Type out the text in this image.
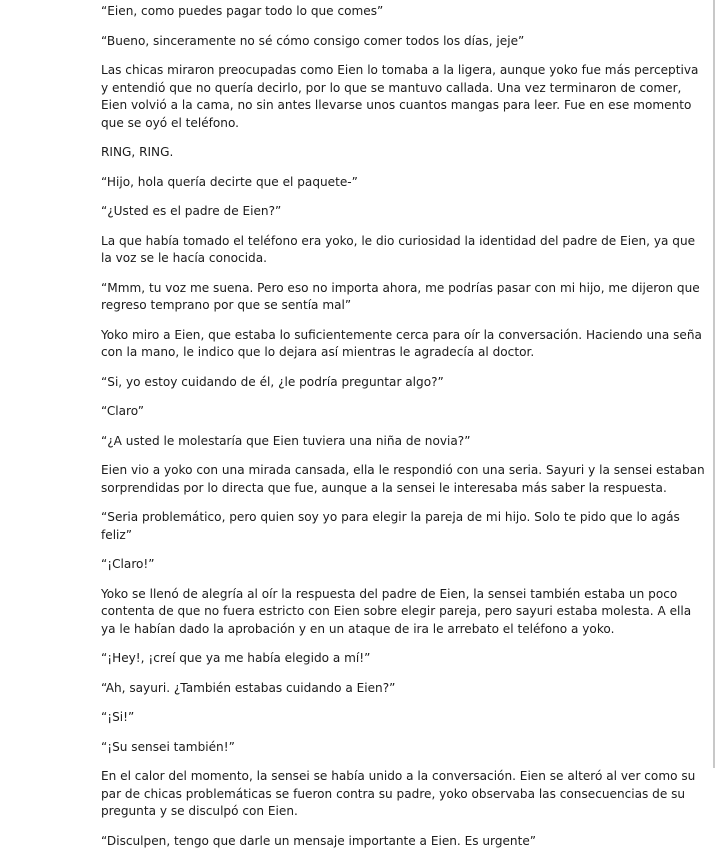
“Eien, como puedes pagar todo lo que comes”

“Bueno, sinceramente no sé cómo consigo comer todos los días, jeje”

Las chicas miraron preocupadas como Eien lo tomaba a la ligera, aunque yoko fue más perceptiva
y entendió que no quería decirlo, por lo que se mantuvo callada. Una vez terminaron de comer,
Eien volvió a la cama, no sin antes llevarse unos cuantos mangas para leer. Fue en ese momento
que se oyó el teléfono.

RING, RING.

“Hijo, hola quería decirte que el paquete-”

“¿Usted es el padre de Eien?”

La que había tomado el teléfono era yoko, le dio curiosidad la identidad del padre de Eien, ya que
la voz se le hacía conocida.

“Mmm, tu voz me suena. Pero eso no importa ahora, me podrías pasar con mi hijo, me dijeron que
regreso temprano por que se sentía mal”

Yoko miro a Eien, que estaba lo suficientemente cerca para oír la conversación. Haciendo una seña
con la mano, le indico que lo dejara así mientras le agradecía al doctor.

“Si, yo estoy cuidando de él, ¿le podría preguntar algo?”

“Claro”

“¿A usted le molestaría que Eien tuviera una niña de novia?”

Eien vio a yoko con una mirada cansada, ella le respondió con una seria. Sayuri y la sensei estaban
sorprendidas por lo directa que fue, aunque a la sensei le interesaba más saber la respuesta.

“Seria problemático, pero quien soy yo para elegir la pareja de mi hijo. Solo te pido que lo agás
feliz”

“¡Claro!”

Yoko se llenó de alegría al oír la respuesta del padre de Eien, la sensei también estaba un poco
contenta de que no fuera estricto con Eien sobre elegir pareja, pero sayuri estaba molesta. A ella
ya le habían dado la aprobación y en un ataque de ira le arrebato el teléfono a yoko.

“¡Hey!, ¡creí que ya me había elegido a mí!”

“Ah, sayuri. ¿También estabas cuidando a Eien?”

“¡Si!”

“¡Su sensei también!”

En el calor del momento, la sensei se había unido a la conversación. Eien se alteró al ver como su
par de chicas problemáticas se fueron contra su padre, yoko observaba las consecuencias de su
pregunta y se disculpó con Eien.

“Disculpen, tengo que darle un mensaje importante a Eien. Es urgente”
